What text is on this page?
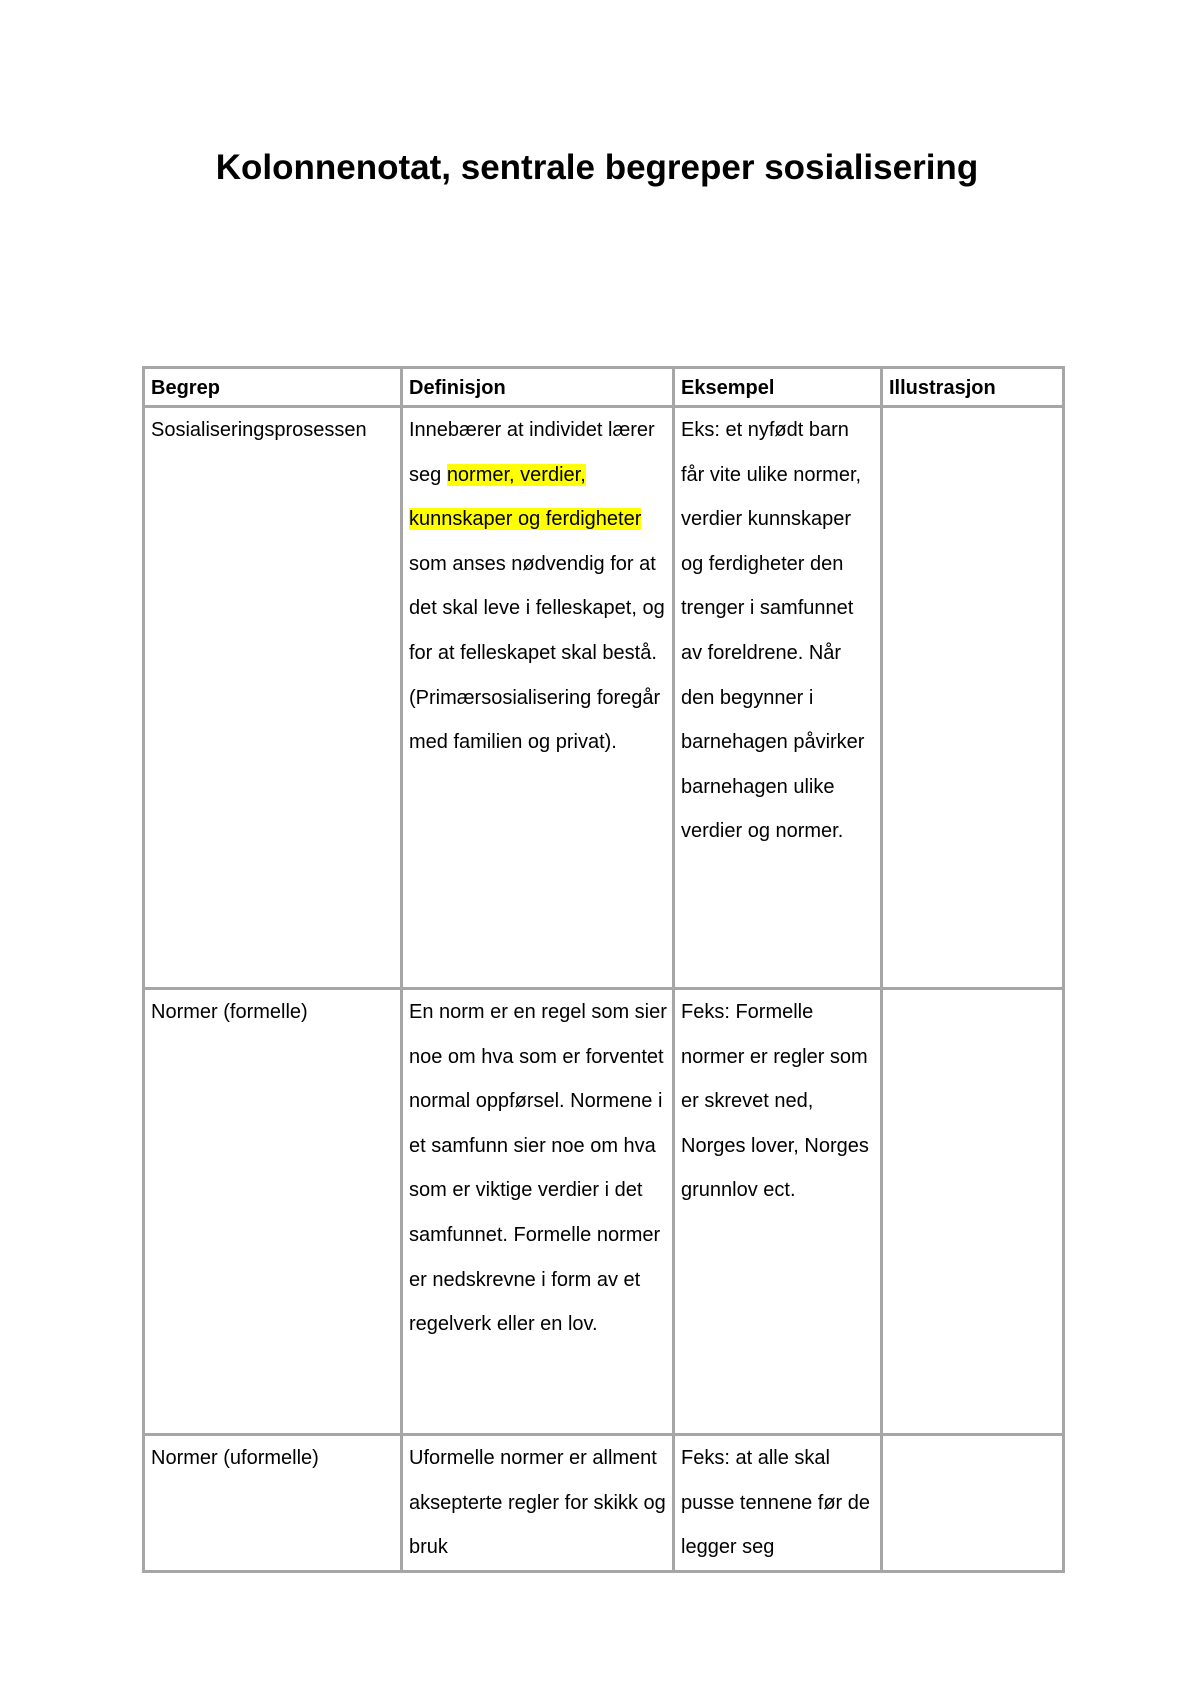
Kolonnenotat, sentrale begreper sosialisering
Begrep	Definisjon	Eksempel	Illustrasjon
Sosialiseringsprosessen	Innebærer at individet lærer seg normer, verdier, kunnskaper og ferdigheter som anses nødvendig for at det skal leve i felleskapet, og for at felleskapet skal bestå. (Primærsosialisering foregår med familien og privat).	Eks: et nyfødt barn får vite ulike normer, verdier kunnskaper og ferdigheter den trenger i samfunnet av foreldrene. Når den begynner i barnehagen påvirker barnehagen ulike verdier og normer.	
Normer (formelle)	En norm er en regel som sier noe om hva som er forventet normal oppførsel. Normene i et samfunn sier noe om hva som er viktige verdier i det samfunnet. Formelle normer er nedskrevne i form av et regelverk eller en lov.	Feks: Formelle normer er regler som er skrevet ned, Norges lover, Norges grunnlov ect.	
Normer (uformelle)	Uformelle normer er allment aksepterte regler for skikk og bruk	Feks: at alle skal pusse tennene før de legger seg	
